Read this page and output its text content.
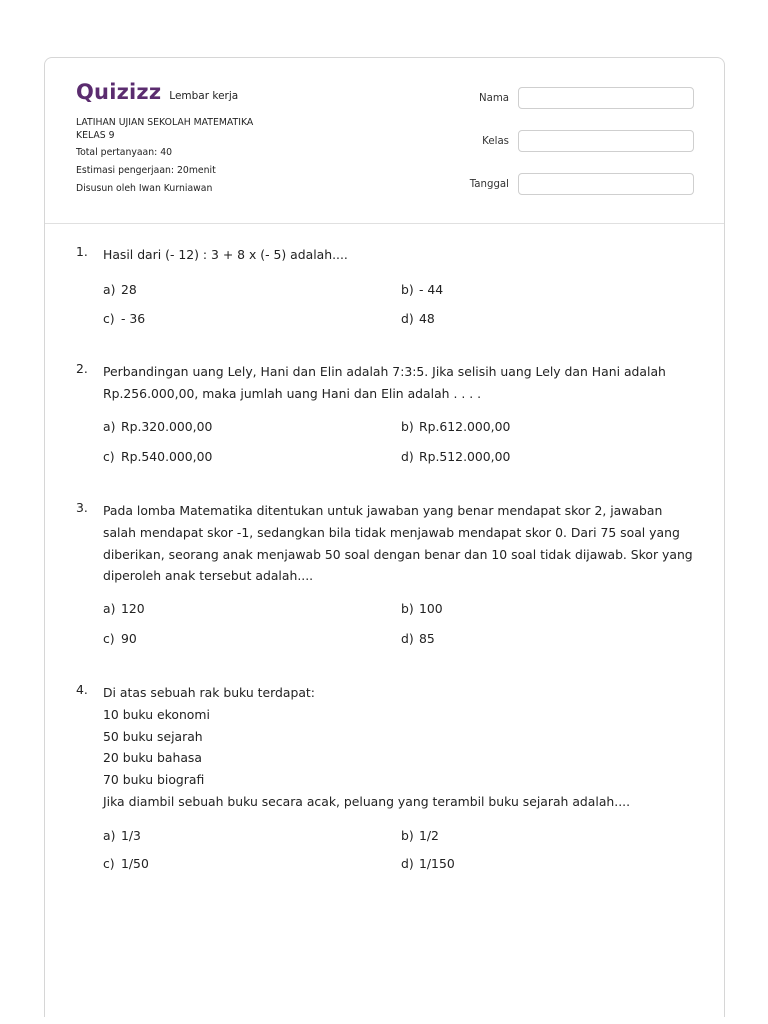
Quizizz Lembar kerja
LATIHAN UJIAN SEKOLAH MATEMATIKA
KELAS 9
Total pertanyaan: 40
Estimasi pengerjaan: 20menit
Disusun oleh Iwan Kurniawan
Nama
Kelas
Tanggal
1. Hasil dari (- 12) : 3 + 8 x (- 5) adalah....
a) 28	b) - 44
c) - 36	d) 48
2. Perbandingan uang Lely, Hani dan Elin adalah 7:3:5. Jika selisih uang Lely dan Hani adalah Rp.256.000,00, maka jumlah uang Hani dan Elin adalah . . . .
a) Rp.320.000,00	b) Rp.612.000,00
c) Rp.540.000,00	d) Rp.512.000,00
3. Pada lomba Matematika ditentukan untuk jawaban yang benar mendapat skor 2, jawaban salah mendapat skor -1, sedangkan bila tidak menjawab mendapat skor 0. Dari 75 soal yang diberikan, seorang anak menjawab 50 soal dengan benar dan 10 soal tidak dijawab. Skor yang diperoleh anak tersebut adalah....
a) 120	b) 100
c) 90	d) 85
4. Di atas sebuah rak buku terdapat:
10 buku ekonomi
50 buku sejarah
20 buku bahasa
70 buku biografi
Jika diambil sebuah buku secara acak, peluang yang terambil buku sejarah adalah....
a) 1/3	b) 1/2
c) 1/50	d) 1/150
